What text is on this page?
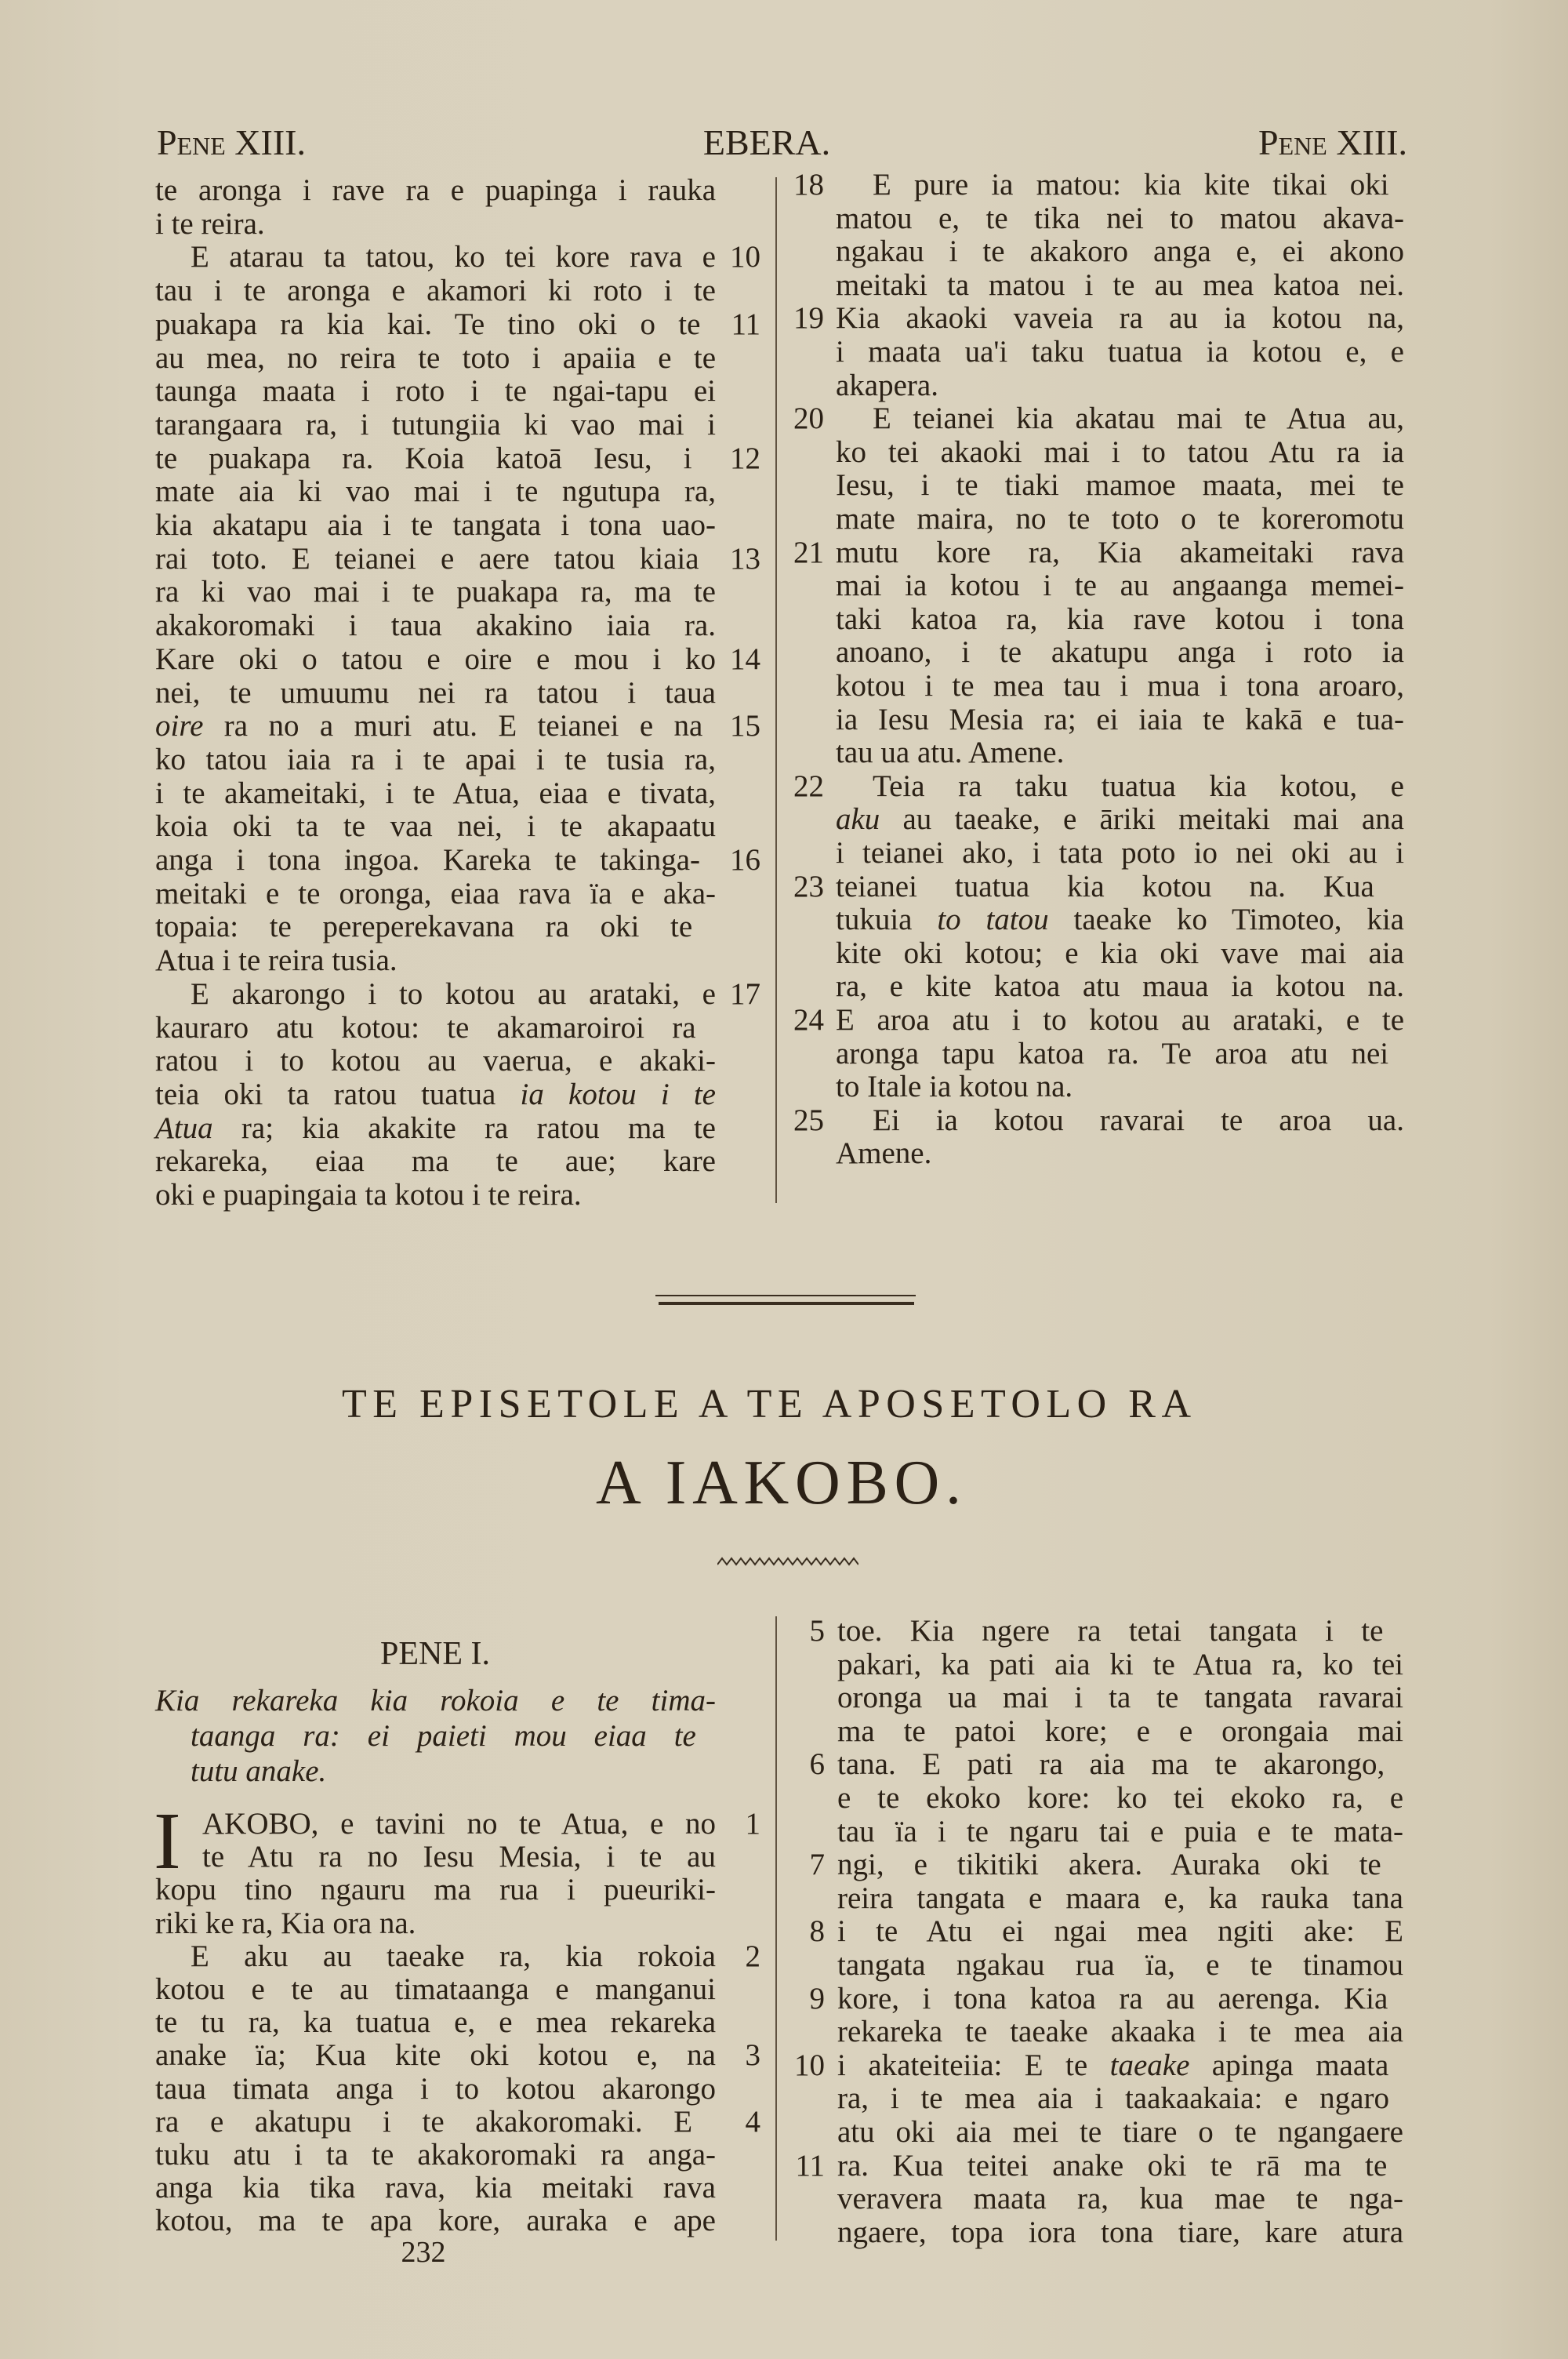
Pene XIII.	EBERA.	Pene XIII.
te aronga i rave ra e puapinga i rauka
i te reira.
E atarau ta tatou, ko tei kore rava e 10
tau i te aronga e akamori ki roto i te
puakapa ra kia kai. Te tino oki o te 11
au mea, no reira te toto i apaiia e te
taunga maata i roto i te ngai-tapu ei
tarangaara ra, i tutungiia ki vao mai i
te puakapa ra. Koia katoā Iesu, i	12
mate aia ki vao mai i te ngutupa ra,
kia akatapu aia i te tangata i tona uao-
rai toto. E teianei e aere tatou kiaia	13
ra ki vao mai i te puakapa ra, ma te
akakoromaki i taua akakino iaia ra.
Kare oki o tatou e oire e mou i ko 14
nei, te umuumu nei ra tatou i taua
oire ra no a muri atu. E teianei e na 15
ko tatou iaia ra i te apai i te tusia ra,
i te akameitaki, i te Atua, eiaa e tivata,
koia oki ta te vaa nei, i te akapaatu
anga i tona ingoa. Kareka te takinga- 16
meitaki e te oronga, eiaa rava ïa e aka-
topaia: te pereperekavana ra oki te
Atua i te reira tusia.
E akarongo i to kotou au arataki, e 17
kauraro atu kotou: te akamaroiroi ra
ratou i to kotou au vaerua, e akaki-
teia oki ta ratou tuatua ia kotou i te
Atua ra; kia akakite ra ratou ma te
rekareka, eiaa ma te aue; kare
oki e puapingaia ta kotou i te reira.
E pure ia matou: kia kite tikai oki
18
matou e, te tika nei to matou akava-
ngakau i te akakoro anga e, ei akono
meitaki ta matou i te au mea katoa nei.
Kia akaoki vaveia ra au ia kotou na,
19
i maata ua'i taku tuatua ia kotou e, e
akapera.
E teianei kia akatau mai te Atua au,
20
ko tei akaoki mai i to tatou Atu ra ia
Iesu, i te tiaki mamoe maata, mei te
mate maira, no te toto o te koreromotu
mutu kore ra, Kia akameitaki rava
21
mai ia kotou i te au angaanga memei-
taki katoa ra, kia rave kotou i tona
anoano, i te akatupu anga i roto ia
kotou i te mea tau i mua i tona aroaro,
ia Iesu Mesia ra; ei iaia te kakā e tua-
tau ua atu. Amene.
Teia ra taku tuatua kia kotou, e
22
aku au taeake, e āriki meitaki mai ana
i teianei ako, i tata poto io nei oki au i
teianei tuatua kia kotou na. Kua
23
tukuia to tatou taeake ko Timoteo, kia
kite oki kotou; e kia oki vave mai aia
ra, e kite katoa atu maua ia kotou na.
E aroa atu i to kotou au arataki, e te
24
aronga tapu katoa ra. Te aroa atu nei
to Itale ia kotou na.
Ei ia kotou ravarai te aroa ua.
25
Amene.
TE EPISETOLE A TE APOSETOLO RA
A IAKOBO.
PENE I.
Kia rekareka kia rokoia e te tima-
taanga ra: ei paieti mou eiaa te
tutu anake.
I AKOBO, e tavini no te Atua, e no 1
te Atu ra no Iesu Mesia, i te au
kopu tino ngauru ma rua i pueuriki-
riki ke ra, Kia ora na.
E aku au taeake ra, kia rokoia 2
kotou e te au timataanga e manganui
te tu ra, ka tuatua e, e mea rekareka
anake ïa; Kua kite oki kotou e, na 3
taua timata anga i to kotou akarongo
ra e akatupu i te akakoromaki. E	4
tuku atu i ta te akakoromaki ra anga-
anga kia tika rava, kia meitaki rava
kotou, ma te apa kore, auraka e ape
toe. Kia ngere ra tetai tangata i te
5
pakari, ka pati aia ki te Atua ra, ko tei
oronga ua mai i ta te tangata ravarai
ma te patoi kore; e e orongaia mai
tana. E pati ra aia ma te akarongo,
6
e te ekoko kore: ko tei ekoko ra, e
tau ïa i te ngaru tai e puia e te mata-
ngi, e tikitiki akera. Auraka oki te
7
reira tangata e maara e, ka rauka tana
i te Atu ei ngai mea ngiti ake: E
8
tangata ngakau rua ïa, e te tinamou
kore, i tona katoa ra au aerenga. Kia
9
rekareka te taeake akaaka i te mea aia
i akateiteiia: E te taeake apinga maata
10
ra, i te mea aia i taakaakaia: e ngaro
atu oki aia mei te tiare o te ngangaere
ra. Kua teitei anake oki te rā ma te
11
veravera maata ra, kua mae te nga-
ngaere, topa iora tona tiare, kare atura
232
